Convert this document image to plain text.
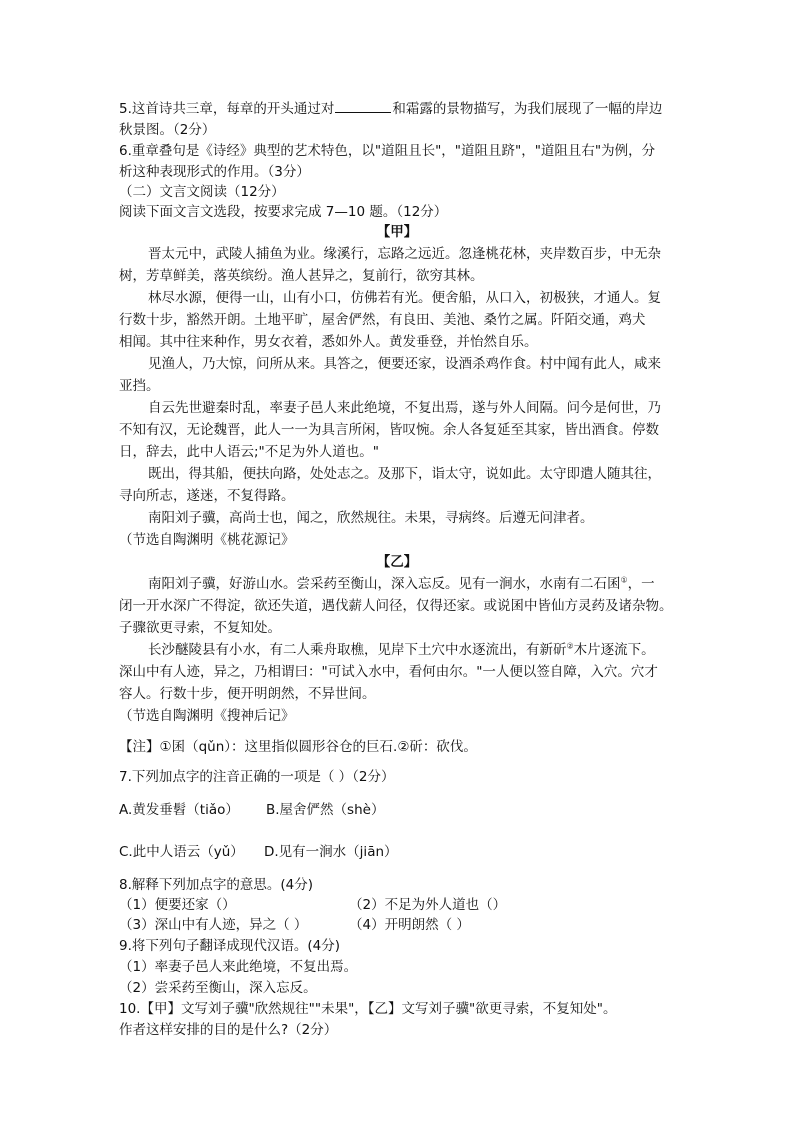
5.这首诗共三章，每章的开头通过对	和霜露的景物描写，为我们展现了一幅的岸边
秋景图。（2分）
6.重章叠句是《诗经》典型的艺术特色，以"道阻且长"，"道阻且跻"，"道阻且右"为例，分
析这种表现形式的作用。（3分）
（二）文言文阅读（12分）
阅读下面文言文选段，按要求完成 7—10 题。（12分）
【甲】
晋太元中，武陵人捕鱼为业。缘溪行，忘路之远近。忽逢桃花林，夹岸数百步，中无杂
树，芳草鲜美，落英缤纷。渔人甚异之，复前行，欲穷其林。
林尽水源，便得一山，山有小口，仿佛若有光。便舍船，从口入，初极狭，才通人。复
行数十步，豁然开朗。土地平旷，屋舍俨然，有良田、美池、桑竹之属。阡陌交通，鸡犬
相闻。其中往来种作，男女衣着，悉如外人。黄发垂登，并怡然自乐。
见渔人，乃大惊，问所从来。具答之，便要还家，设酒杀鸡作食。村中闻有此人，咸来
亚挡。
自云先世避秦时乱，率妻子邑人来此绝境，不复出焉，遂与外人间隔。问今是何世，乃
不知有汉，无论魏晋，此人一一为具言所闲，皆叹惋。余人各复延至其家，皆出酒食。停数
日，辞去，此中人语云;"不足为外人道也。"
既出，得其船，便扶向路，处处志之。及那下，诣太守，说如此。太守即遣人随其往，
寻向所志，遂迷，不复得路。
南阳刘子骥，高尚士也，闻之，欣然规往。未果，寻病终。后遵无问津者。
（节选自陶渊明《桃花源记》
【乙】
南阳刘子骥，好游山水。尝采药至衡山，深入忘反。见有一涧水，水南有二石囷①，一
闭一开水深广不得淀，欲还失道，遇伐薪人问径，仅得还家。或说囷中皆仙方灵药及诸杂物。
子骤欲更寻索，不复知处。
长沙醚陵县有小水，有二人乘舟取樵，见岸下土穴中水逐流出，有新斫②木片逐流下。
深山中有人迹，异之，乃相谓曰："可试入水中，看何由尔。"一人便以签自障，入穴。穴才
容人。行数十步，便开明朗然，不异世间。
（节选自陶渊明《搜神后记》
【注】①囷（qǔn）：这里指似圆形谷仓的巨石.②斫：砍伐。
7.下列加点字的注音正确的一项是（ ）（2分）
A.黄发垂髫（tiǎo） B.屋舍俨然（shè）
C.此中人语云（yǔ） D.见有一涧水（jiān）
8.解释下列加点字的意思。(4分)
（1）便要还家（）	（2）不足为外人道也（）
（3）深山中有人迹，异之（ ）	（4）开明朗然（ ）
9.将下列句子翻译成现代汉语。(4分)
（1）率妻子邑人来此绝境，不复出焉。
（2）尝采药至衡山，深入忘反。
10.【甲】文写刘子骥"欣然规往""未果"，【乙】文写刘子骥"欲更寻索，不复知处"。
作者这样安排的目的是什么?（2分）
